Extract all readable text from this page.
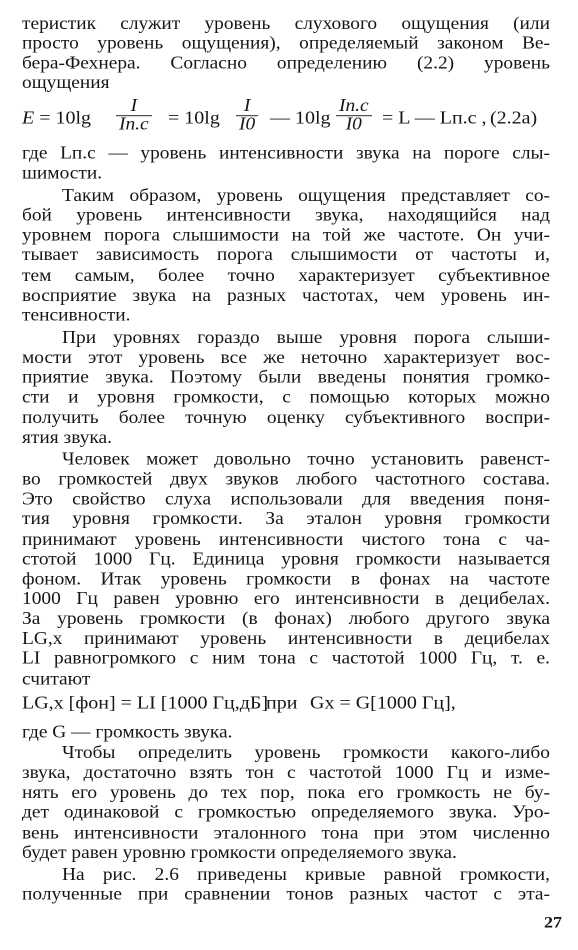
теристик служит уровень слухового ощущения (или
просто уровень ощущения), определяемый законом Ве-
бера-Фехнера. Согласно определению (2.2) уровень
ощущения
E = 10lg
I
$Iп.с = 10\lg \frac{I}{I0}$ — 10lg
Iп.с
I0	= L — Lп.с , (2.2а)
где Lп.с — уровень интенсивности звука на пороге слы-
шимости.
Таким образом, уровень ощущения представляет со-
бой уровень интенсивности звука, находящийся над
уровнем порога слышимости на той же частоте. Он учи-
тывает зависимость порога слышимости от частоты и,
тем самым, более точно характеризует субъективное
восприятие звука на разных частотах, чем уровень ин-
тенсивности.
При уровнях гораздо выше уровня порога слыши-
мости этот уровень все же неточно характеризует вос-
приятие звука. Поэтому были введены понятия громко-
сти и уровня громкости, с помощью которых можно
получить более точную оценку субъективного воспри-
ятия звука.
Человек может довольно точно установить равенст-
во громкостей двух звуков любого частотного состава.
Это свойство слуха использовали для введения поня-
тия уровня громкости. За эталон уровня громкости
принимают уровень интенсивности чистого тона с ча-
стотой 1000 Гц. Единица уровня громкости называется
фоном. Итак уровень громкости в фонах на частоте
1000 Гц равен уровню его интенсивности в децибелах.
За уровень громкости (в фонах) любого другого звука
LG,x принимают уровень интенсивности в децибелах
LI равногромкого с ним тона с частотой 1000 Гц, т. е.
считают
LG,x [фон] = LI [1000 Гц,дБ]
при Gx = G[1000 Гц],
где G — громкость звука.
Чтобы определить уровень громкости какого-либо
звука, достаточно взять тон с частотой 1000 Гц и изме-
нять его уровень до тех пор, пока его громкость не бу-
дет одинаковой с громкостью определяемого звука. Уро-
вень интенсивности эталонного тона при этом численно
будет равен уровню громкости определяемого звука.
27
На рис. 2.6 приведены кривые равной громкости,
полученные при сравнении тонов разных частот с эта-
